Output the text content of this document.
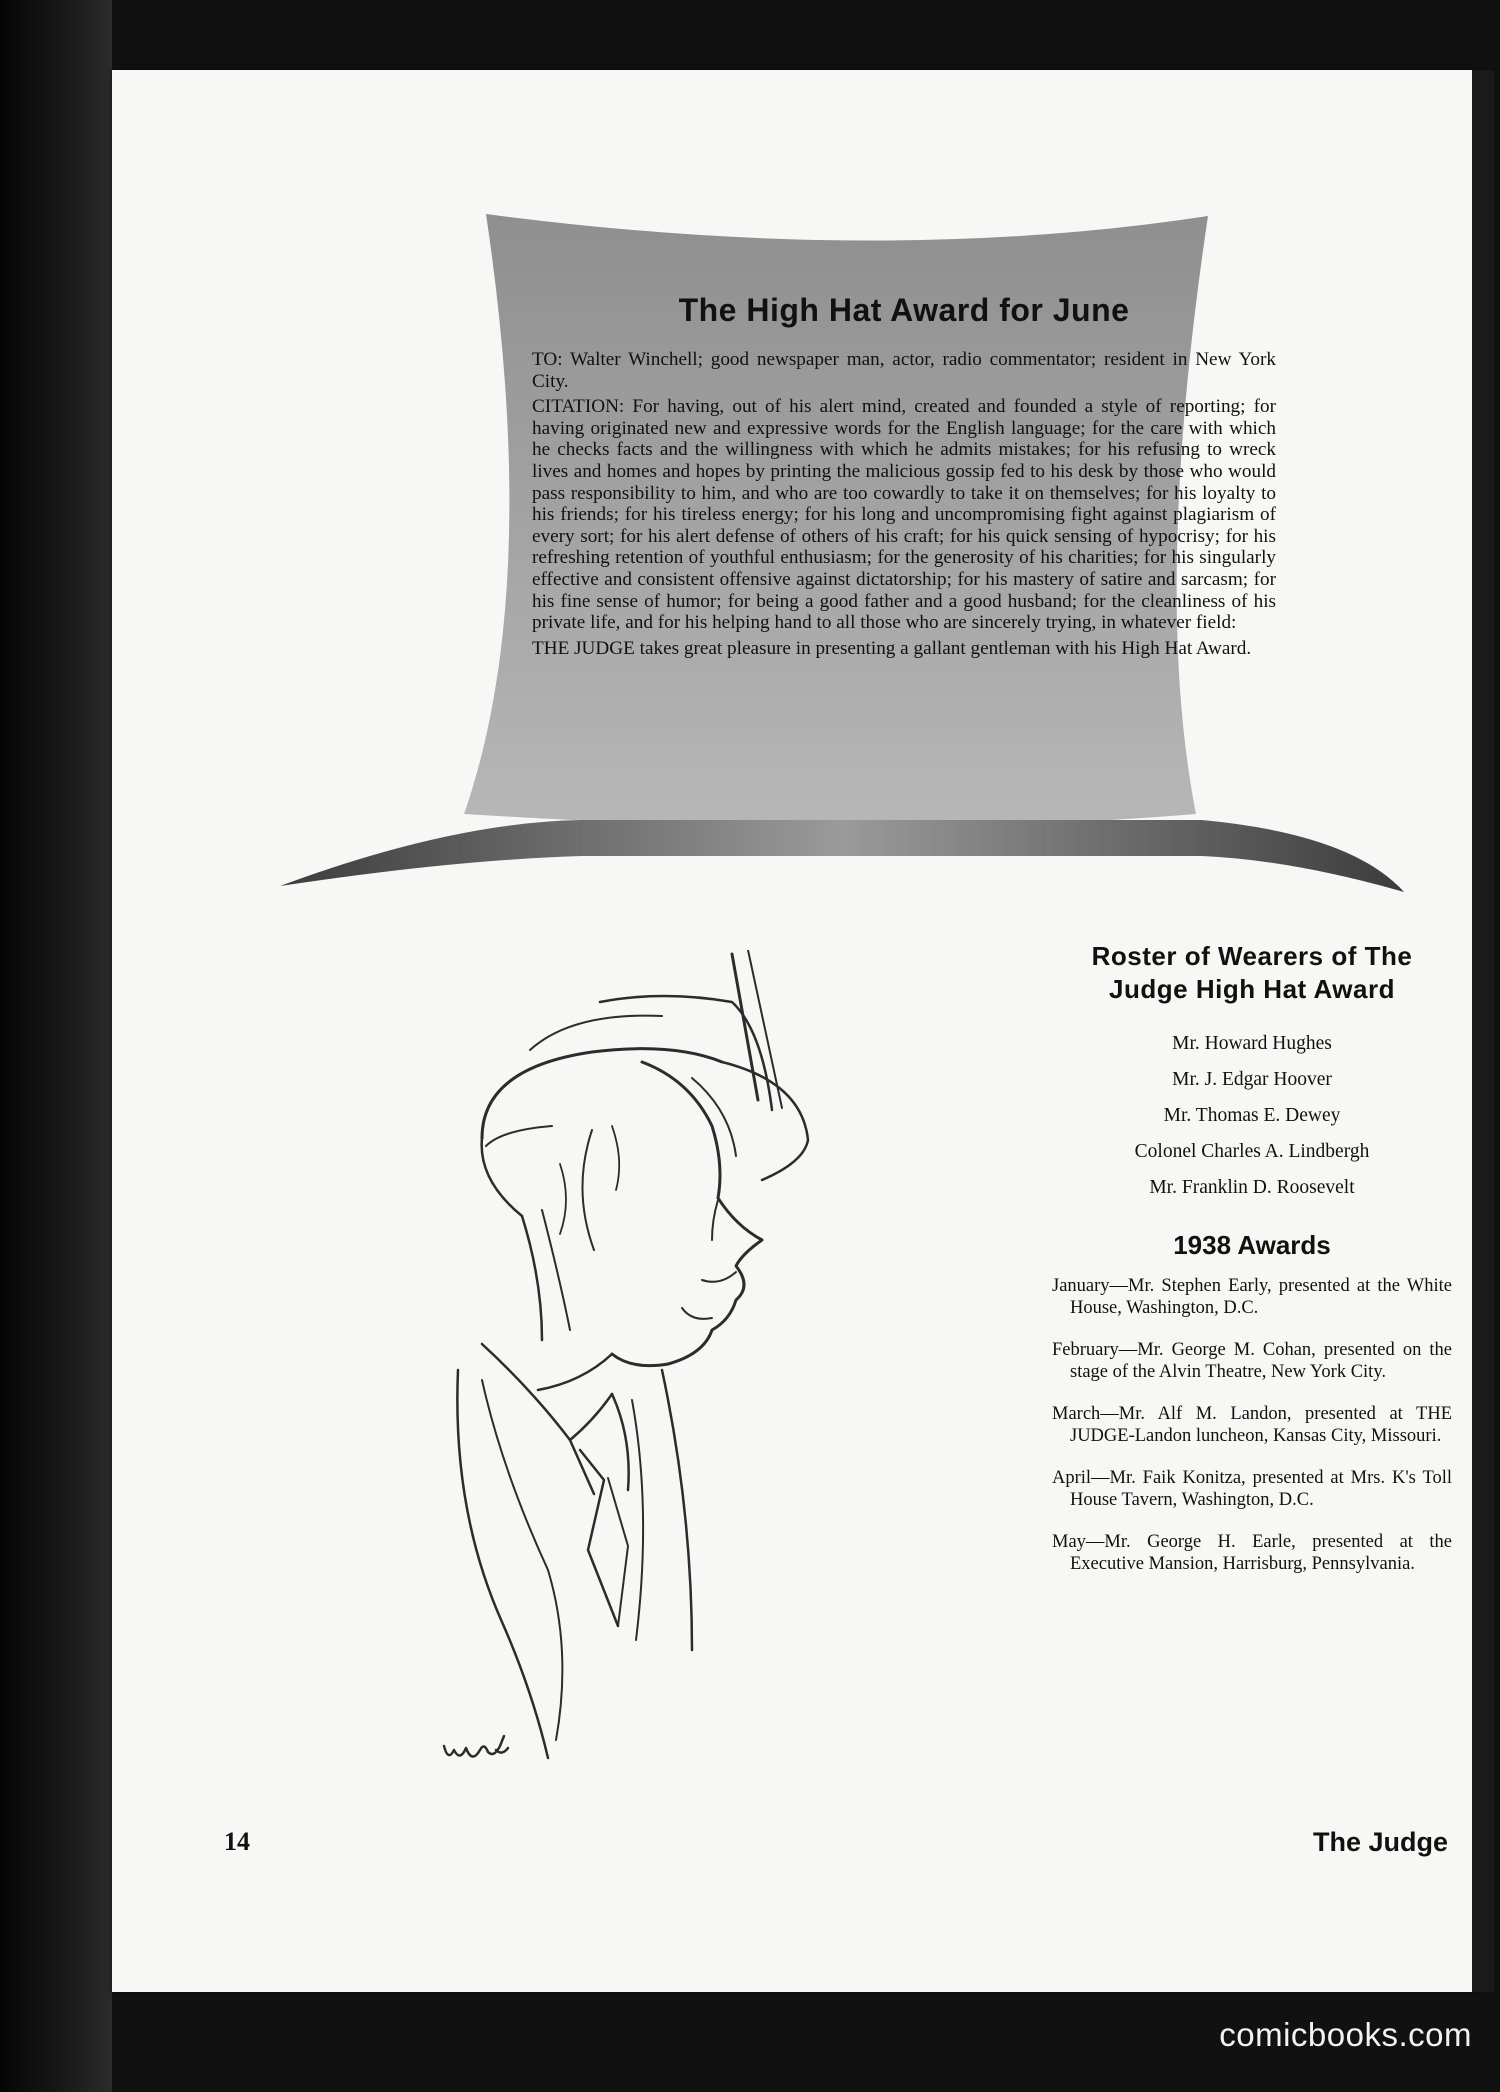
The High Hat Award for June

TO: Walter Winchell; good newspaper man, actor, radio commentator; resident in New York City.

CITATION: For having, out of his alert mind, created and founded a style of reporting; for having originated new and expressive words for the English language; for the care with which he checks facts and the willingness with which he admits mistakes; for his refusing to wreck lives and homes and hopes by printing the malicious gossip fed to his desk by those who would pass responsibility to him, and who are too cowardly to take it on themselves; for his loyalty to his friends; for his tireless energy; for his long and uncompromising fight against plagiarism of every sort; for his alert defense of others of his craft; for his quick sensing of hypocrisy; for his refreshing retention of youthful enthusiasm; for the generosity of his charities; for his singularly effective and consistent offensive against dictatorship; for his mastery of satire and sarcasm; for his fine sense of humor; for being a good father and a good husband; for the cleanliness of his private life, and for his helping hand to all those who are sincerely trying, in whatever field:

THE JUDGE takes great pleasure in presenting a gallant gentleman with his High Hat Award.

Roster of Wearers of The Judge High Hat Award
Mr. Howard Hughes
Mr. J. Edgar Hoover
Mr. Thomas E. Dewey
Colonel Charles A. Lindbergh
Mr. Franklin D. Roosevelt
1938 Awards

January—Mr. Stephen Early, presented at the White House, Washington, D.C.

February—Mr. George M. Cohan, presented on the stage of the Alvin Theatre, New York City.

March—Mr. Alf M. Landon, presented at THE JUDGE-Landon luncheon, Kansas City, Missouri.

April—Mr. Faik Konitza, presented at Mrs. K's Toll House Tavern, Washington, D.C.

May—Mr. George H. Earle, presented at the Executive Mansion, Harrisburg, Pennsylvania.

14	The Judge
comicbooks.com
